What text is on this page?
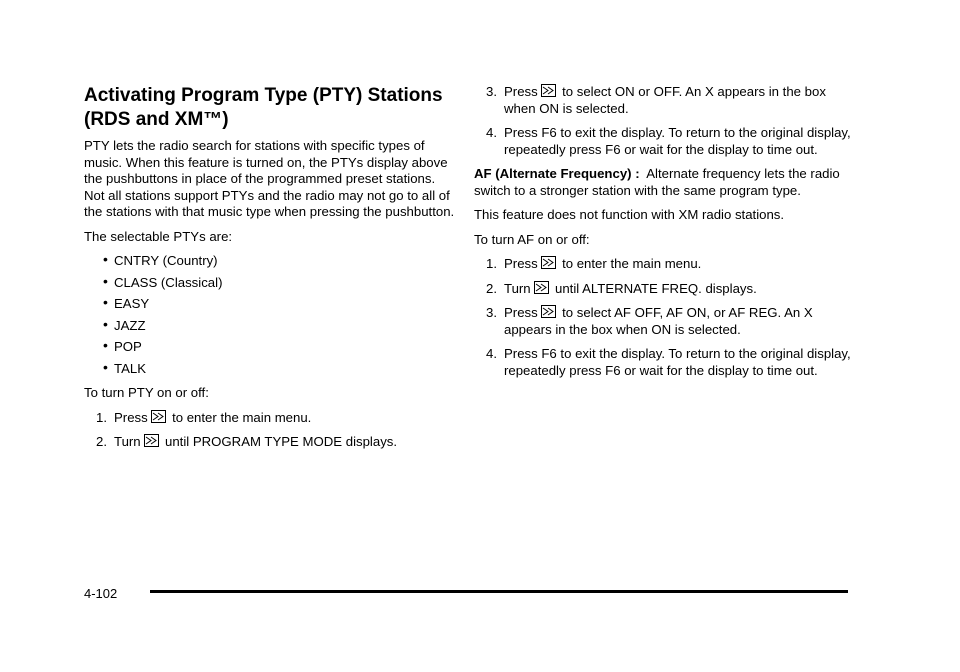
Activating Program Type (PTY) Stations (RDS and XM™)

PTY lets the radio search for stations with specific types of music. When this feature is turned on, the PTYs display above the pushbuttons in place of the programmed preset stations. Not all stations support PTYs and the radio may not go to all of the stations with that music type when pressing the pushbutton.

The selectable PTYs are:

• CNTRY (Country)
• CLASS (Classical)
• EASY
• JAZZ
• POP
• TALK

To turn PTY on or off:

1. Press to enter the main menu.
2. Turn until PROGRAM TYPE MODE displays.
3. Press to select ON or OFF. An X appears in the box when ON is selected.
4. Press F6 to exit the display. To return to the original display, repeatedly press F6 or wait for the display to time out.

AF (Alternate Frequency) : Alternate frequency lets the radio switch to a stronger station with the same program type.

This feature does not function with XM radio stations.

To turn AF on or off:

1. Press to enter the main menu.
2. Turn until ALTERNATE FREQ. displays.
3. Press to select AF OFF, AF ON, or AF REG. An X appears in the box when ON is selected.
4. Press F6 to exit the display. To return to the original display, repeatedly press F6 or wait for the display to time out.
4-102
